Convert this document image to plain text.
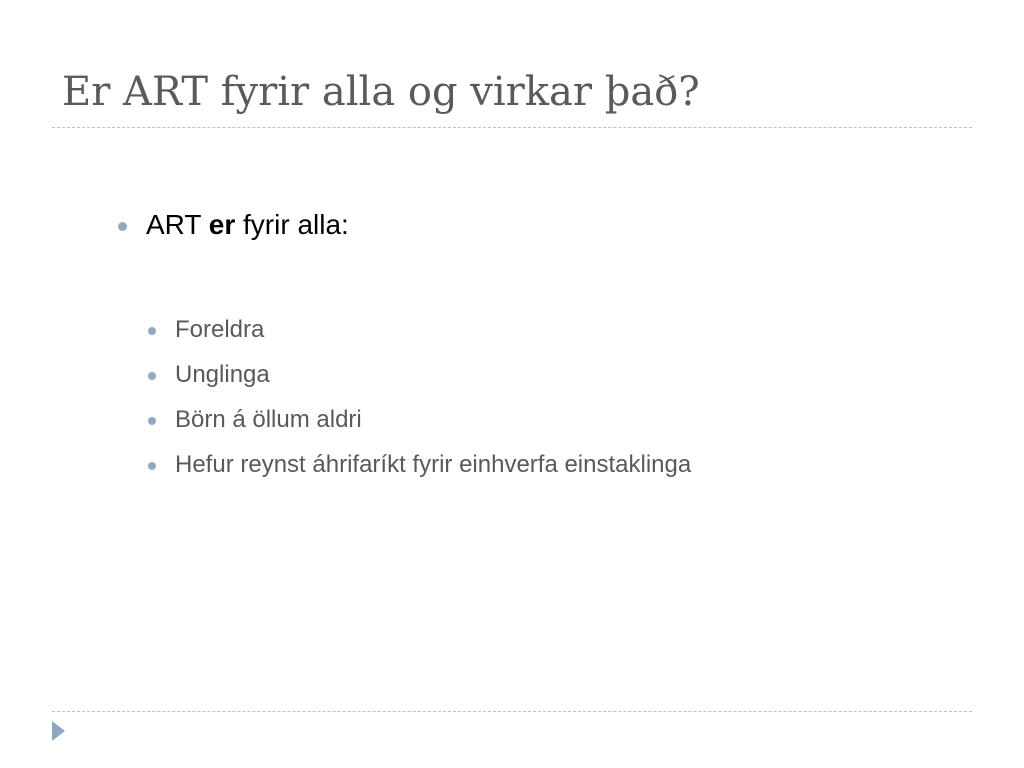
Er ART fyrir alla og virkar það?
ART er fyrir alla:
Foreldra
Unglinga
Börn á öllum aldri
Hefur reynst áhrifaríkt fyrir einhverfa einstaklinga
